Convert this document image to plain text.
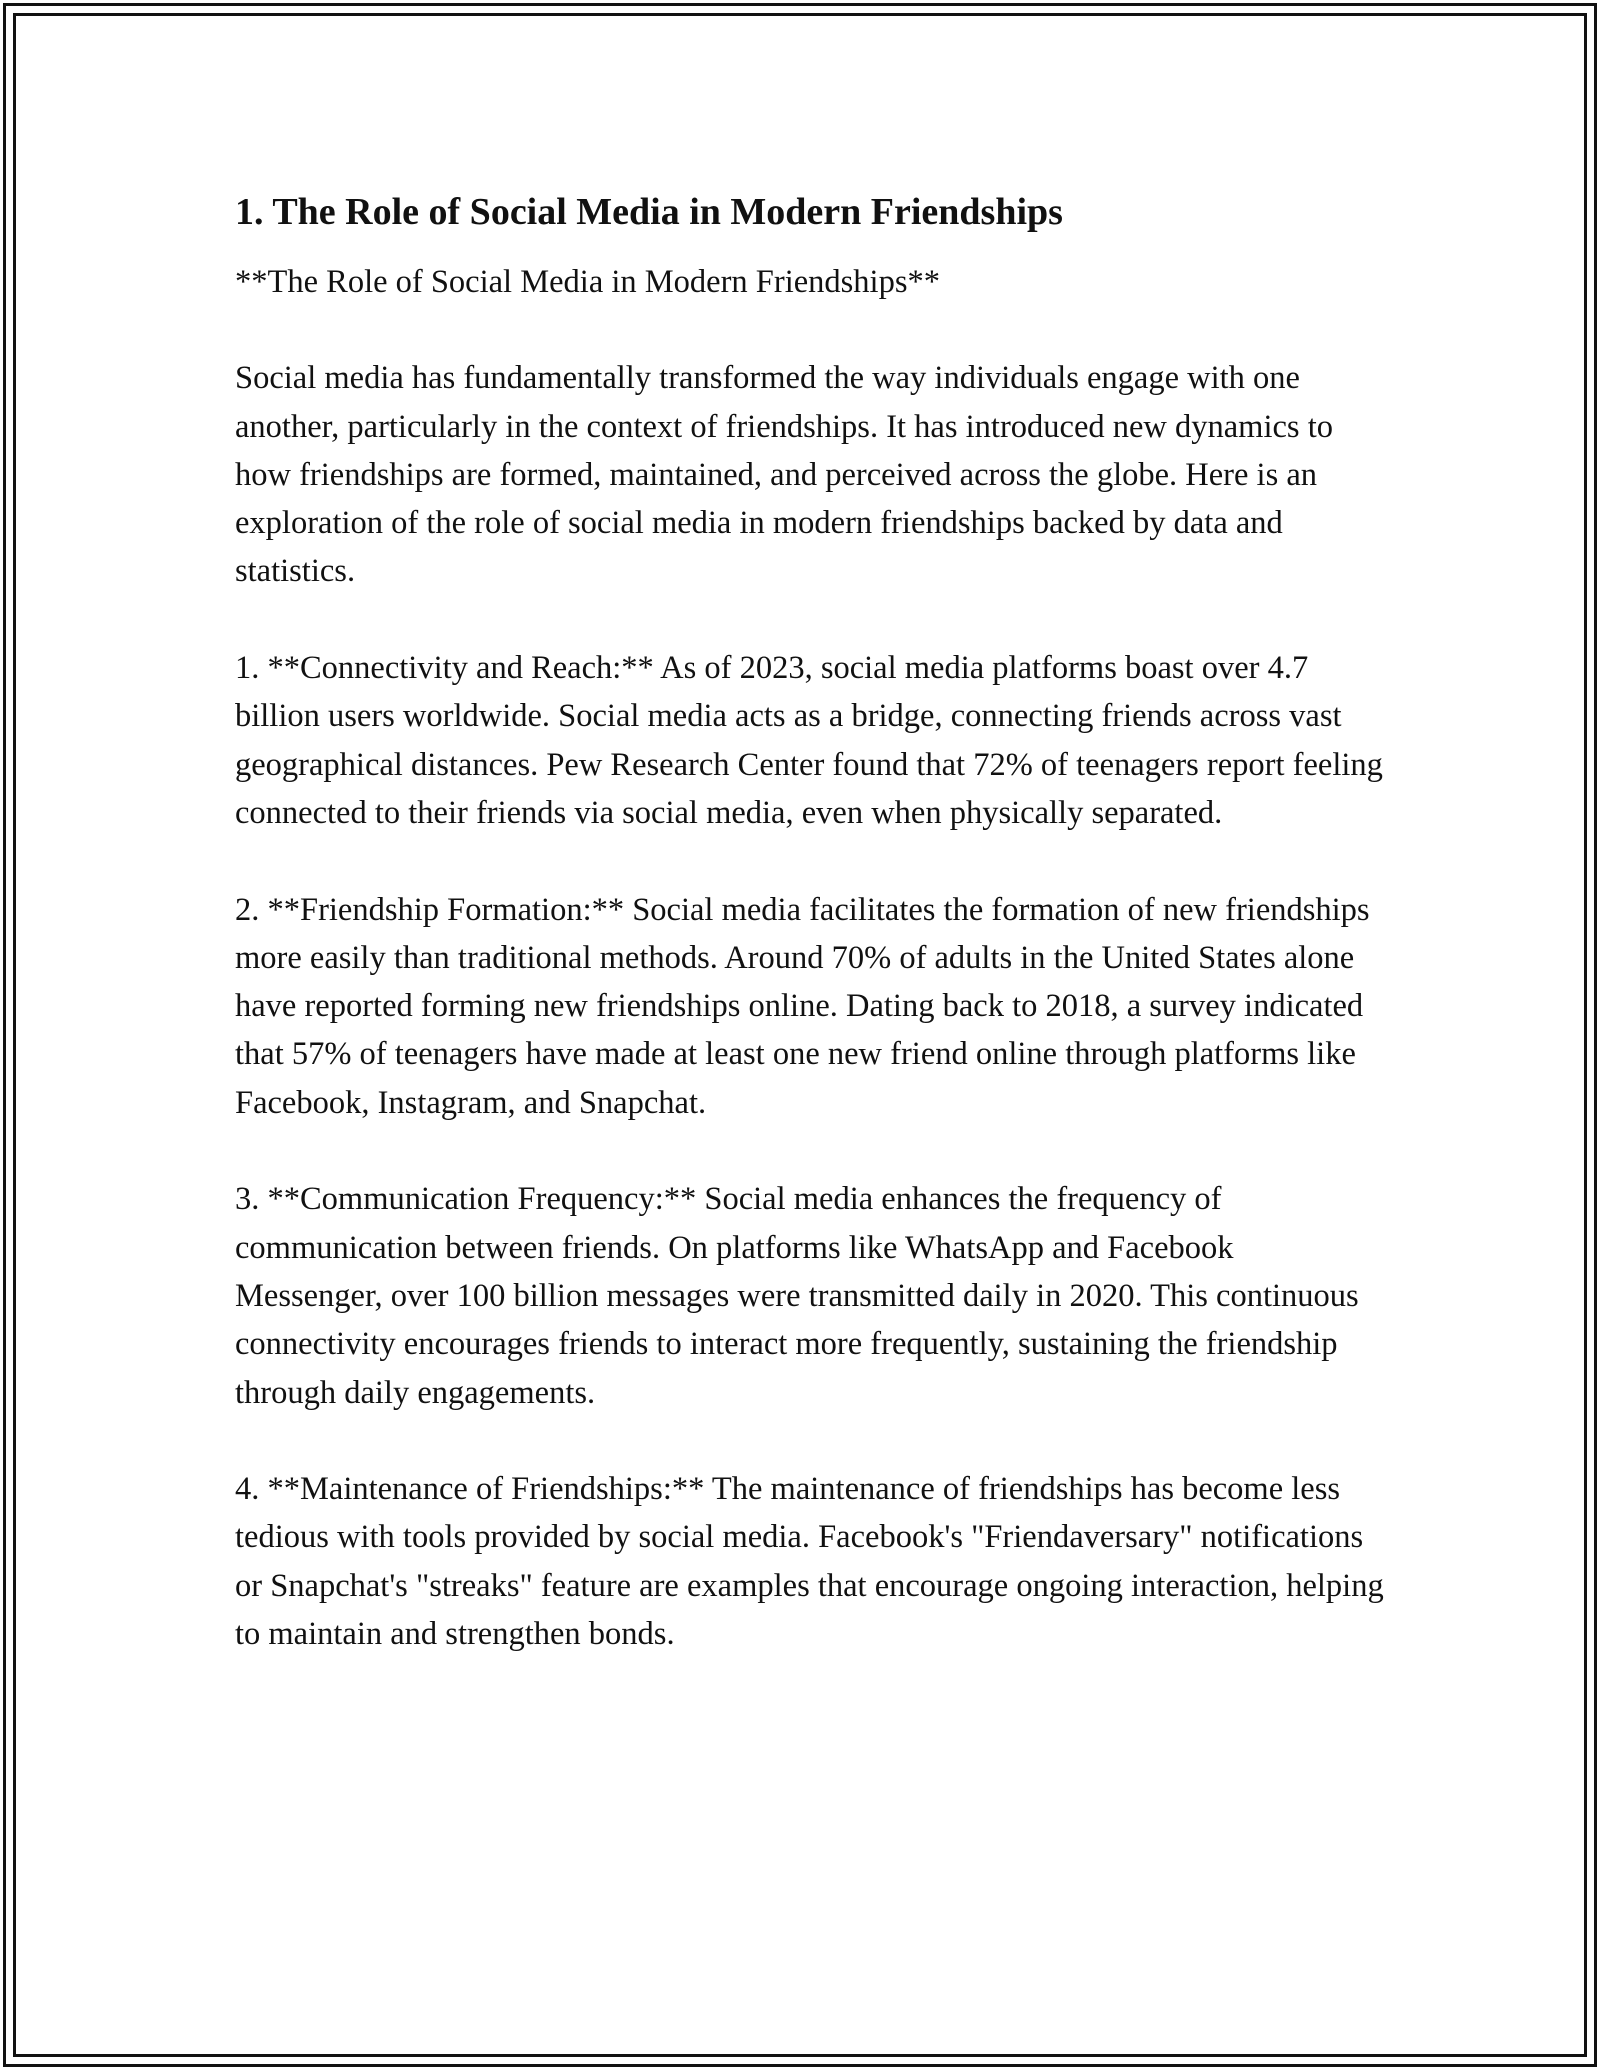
1. The Role of Social Media in Modern Friendships

**The Role of Social Media in Modern Friendships**

Social media has fundamentally transformed the way individuals engage with one another, particularly in the context of friendships. It has introduced new dynamics to how friendships are formed, maintained, and perceived across the globe. Here is an exploration of the role of social media in modern friendships backed by data and statistics.

1. **Connectivity and Reach:** As of 2023, social media platforms boast over 4.7 billion users worldwide. Social media acts as a bridge, connecting friends across vast geographical distances. Pew Research Center found that 72% of teenagers report feeling connected to their friends via social media, even when physically separated.

2. **Friendship Formation:** Social media facilitates the formation of new friendships more easily than traditional methods. Around 70% of adults in the United States alone have reported forming new friendships online. Dating back to 2018, a survey indicated that 57% of teenagers have made at least one new friend online through platforms like Facebook, Instagram, and Snapchat.

3. **Communication Frequency:** Social media enhances the frequency of communication between friends. On platforms like WhatsApp and Facebook Messenger, over 100 billion messages were transmitted daily in 2020. This continuous connectivity encourages friends to interact more frequently, sustaining the friendship through daily engagements.

4. **Maintenance of Friendships:** The maintenance of friendships has become less tedious with tools provided by social media. Facebook's "Friendaversary" notifications or Snapchat's "streaks" feature are examples that encourage ongoing interaction, helping to maintain and strengthen bonds.
